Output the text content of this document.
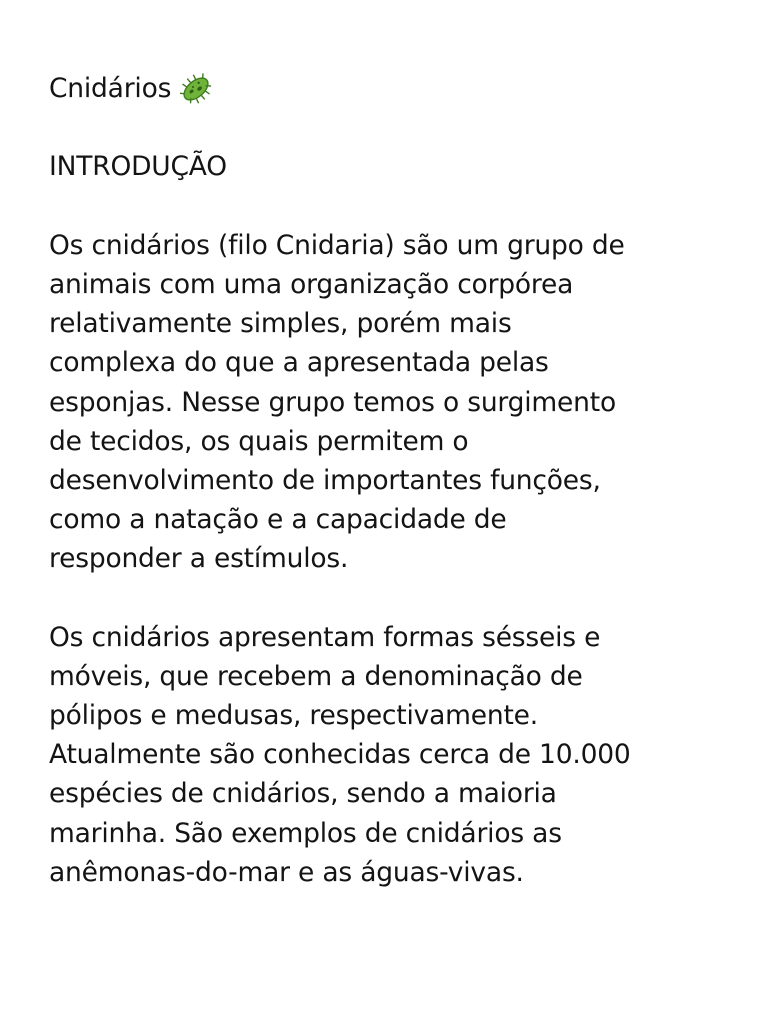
Cnidários
INTRODUÇÃO
Os cnidários (filo Cnidaria) são um grupo de
animais com uma organização corpórea
relativamente simples, porém mais
complexa do que a apresentada pelas
esponjas. Nesse grupo temos o surgimento
de tecidos, os quais permitem o
desenvolvimento de importantes funções,
como a natação e a capacidade de
responder a estímulos.
Os cnidários apresentam formas sésseis e
móveis, que recebem a denominação de
pólipos e medusas, respectivamente.
Atualmente são conhecidas cerca de 10.000
espécies de cnidários, sendo a maioria
marinha. São exemplos de cnidários as
anêmonas-do-mar e as águas-vivas.
